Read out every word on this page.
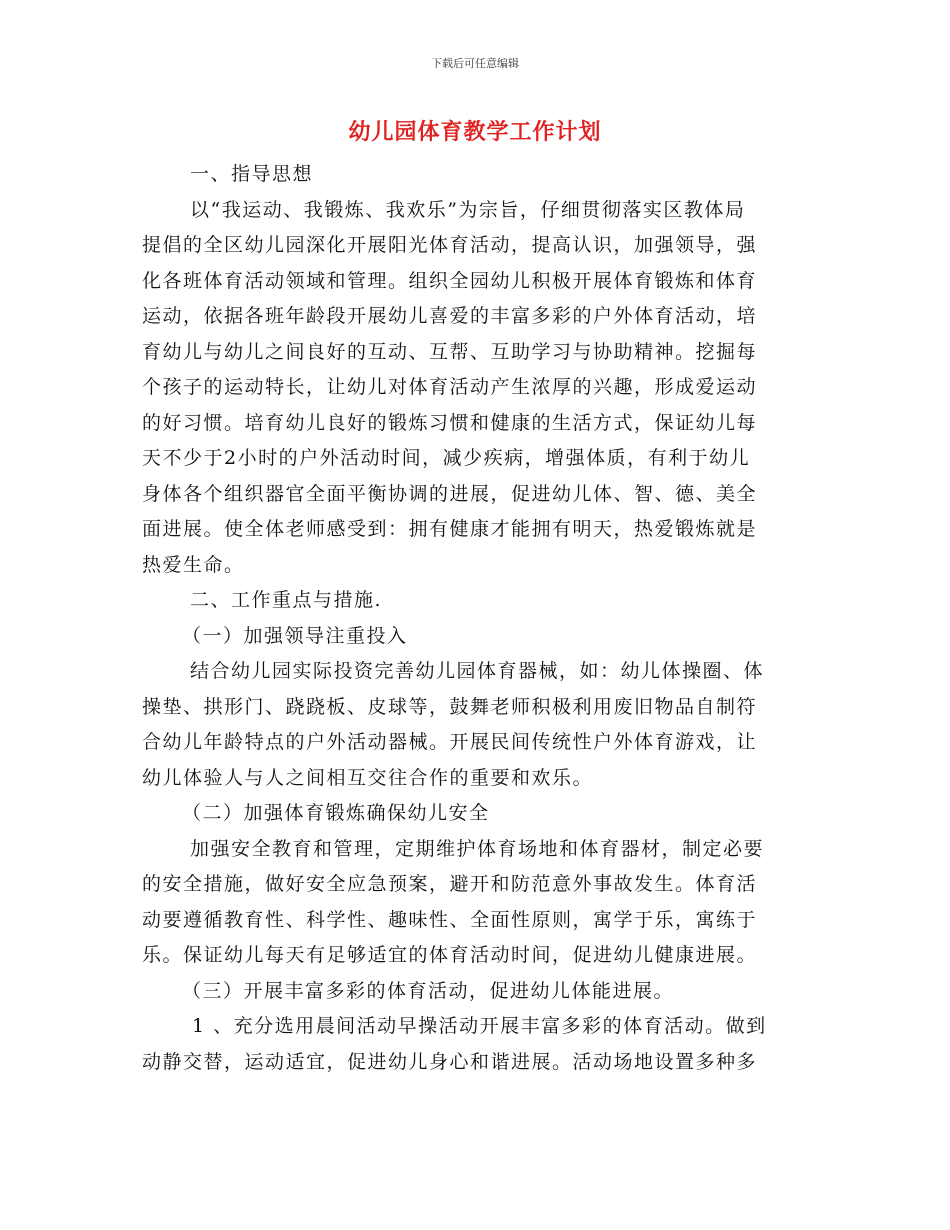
下载后可任意编辑
幼儿园体育教学工作计划
一、指导思想
以“我运动、我锻炼、我欢乐”为宗旨，仔细贯彻落实区教体局
提倡的全区幼儿园深化开展阳光体育活动，提高认识，加强领导，强
化各班体育活动领域和管理。组织全园幼儿积极开展体育锻炼和体育
运动，依据各班年龄段开展幼儿喜爱的丰富多彩的户外体育活动，培
育幼儿与幼儿之间良好的互动、互帮、互助学习与协助精神。挖掘每
个孩子的运动特长，让幼儿对体育活动产生浓厚的兴趣，形成爱运动
的好习惯。培育幼儿良好的锻炼习惯和健康的生活方式，保证幼儿每
天不少于2小时的户外活动时间，减少疾病，增强体质，有利于幼儿
身体各个组织器官全面平衡协调的进展，促进幼儿体、智、德、美全
面进展。使全体老师感受到：拥有健康才能拥有明天，热爱锻炼就是
热爱生命。
二、工作重点与措施.
（一）加强领导注重投入
结合幼儿园实际投资完善幼儿园体育器械，如：幼儿体操圈、体
操垫、拱形门、跷跷板、皮球等，鼓舞老师积极利用废旧物品自制符
合幼儿年龄特点的户外活动器械。开展民间传统性户外体育游戏，让
幼儿体验人与人之间相互交往合作的重要和欢乐。
（二）加强体育锻炼确保幼儿安全
加强安全教育和管理，定期维护体育场地和体育器材，制定必要
的安全措施，做好安全应急预案，避开和防范意外事故发生。体育活
动要遵循教育性、科学性、趣味性、全面性原则，寓学于乐，寓练于
乐。保证幼儿每天有足够适宜的体育活动时间，促进幼儿健康进展。
（三）开展丰富多彩的体育活动，促进幼儿体能进展。
1 、充分选用晨间活动早操活动开展丰富多彩的体育活动。做到
动静交替，运动适宜，促进幼儿身心和谐进展。活动场地设置多种多
